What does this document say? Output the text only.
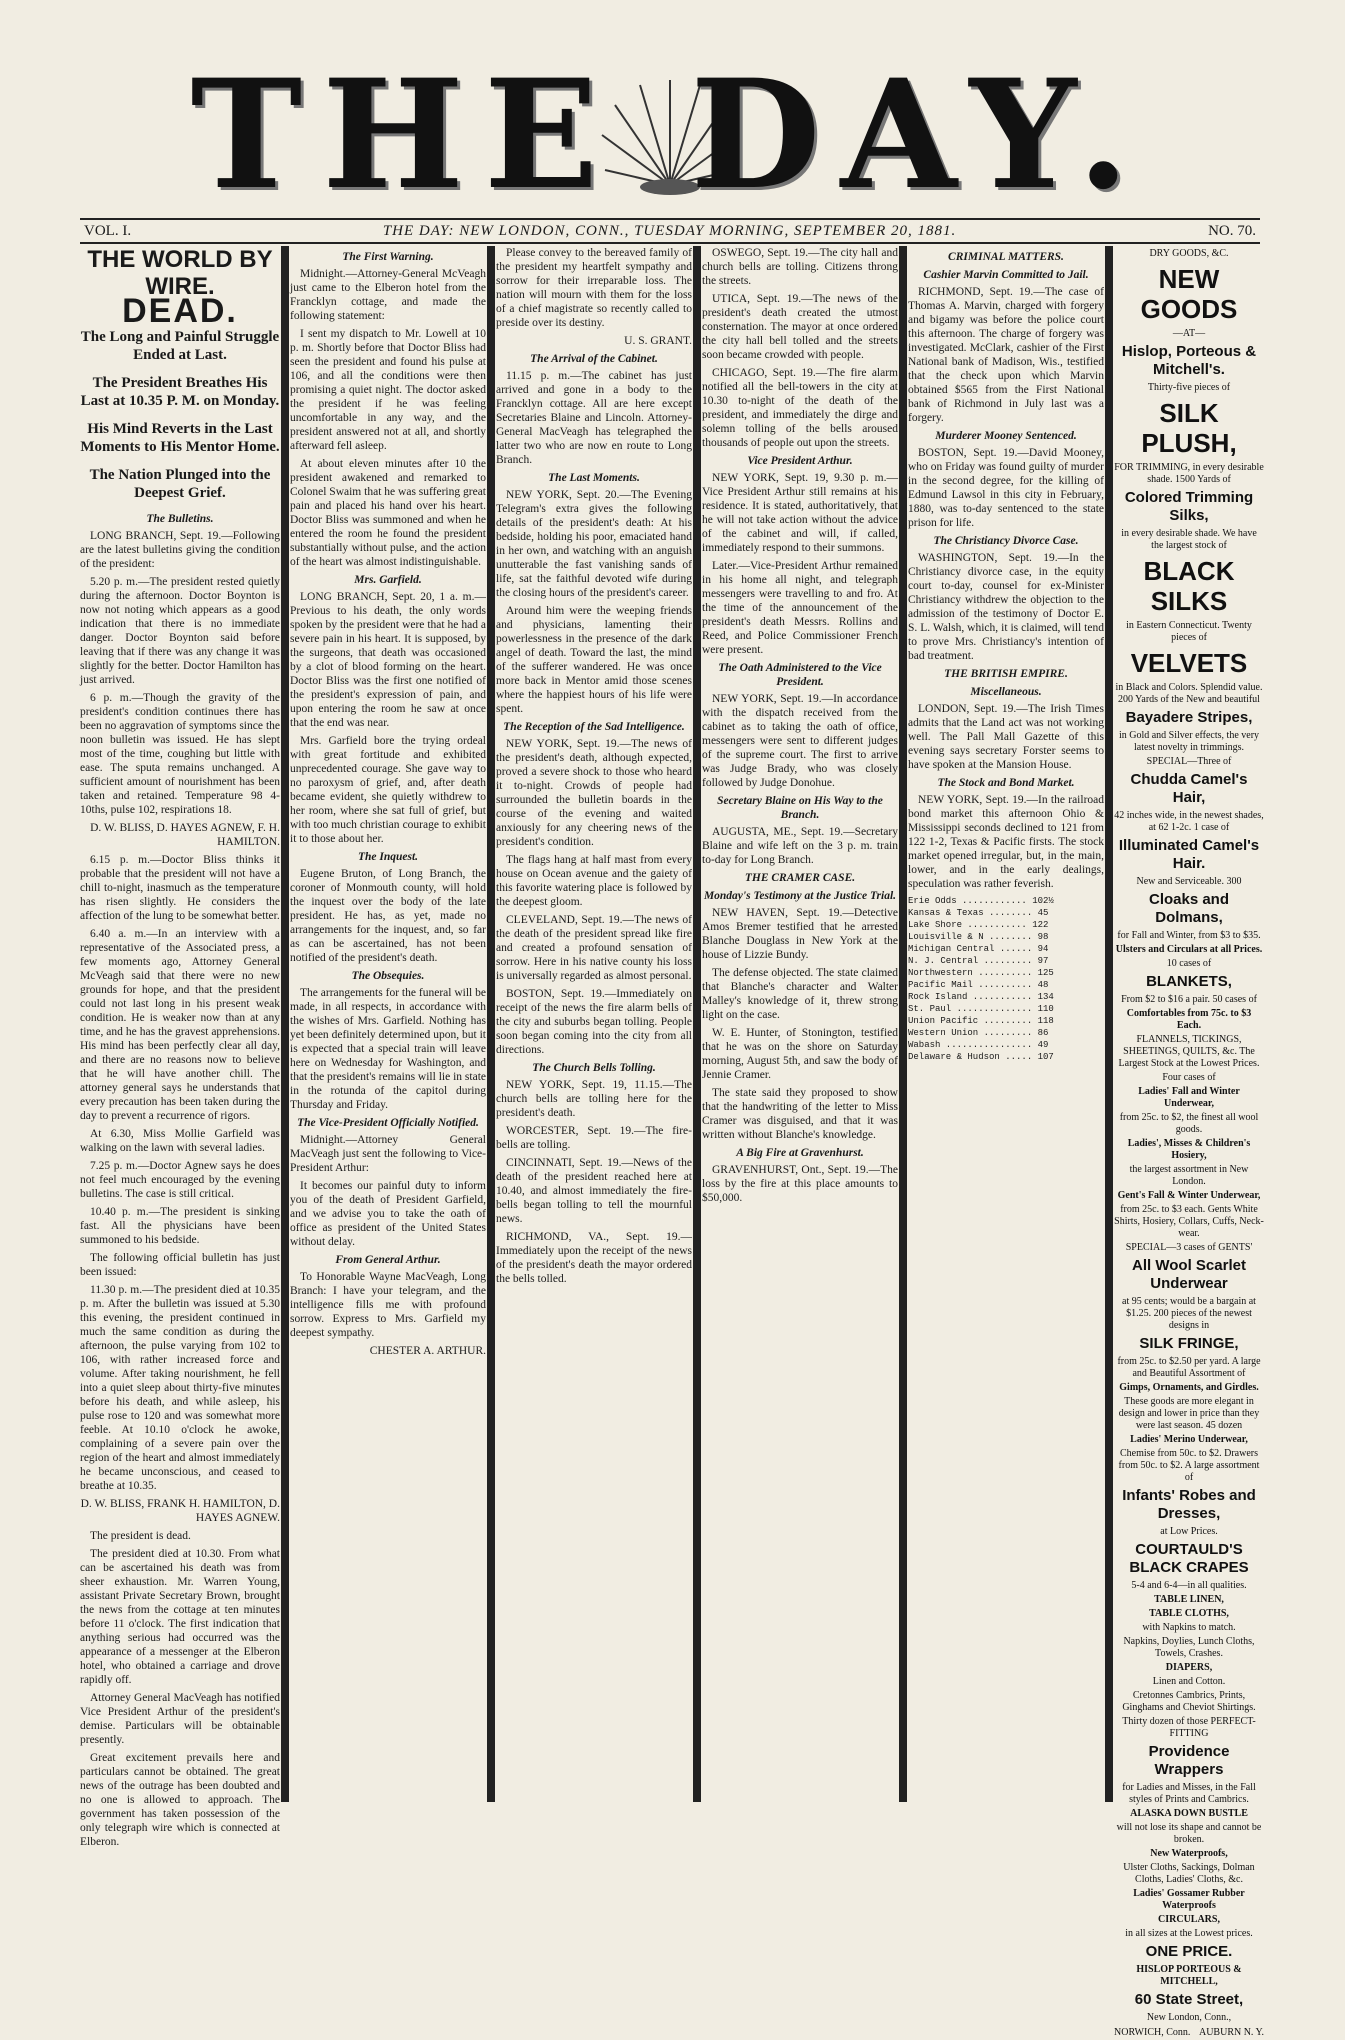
THE DAY.
VOL. I.	THE DAY: NEW LONDON, CONN., TUESDAY MORNING, SEPTEMBER 20, 1881.	NO. 70.
THE WORLD BY WIRE.
DEAD.
The Long and Painful Struggle Ended at Last.
The President Breathes His Last at 10.35 P. M. on Monday.
His Mind Reverts in the Last Moments to His Mentor Home.
The Nation Plunged into the Deepest Grief.
The Bulletins.

LONG BRANCH, Sept. 19.—Following are the latest bulletins giving the condition of the president:

5.20 p. m.—The president rested quietly during the afternoon. Doctor Boynton is now not noting which appears as a good indication that there is no immediate danger. Doctor Boynton said before leaving that if there was any change it was slightly for the better. Doctor Hamilton has just arrived.

6 p. m.—Though the gravity of the president's condition continues there has been no aggravation of symptoms since the noon bulletin was issued. He has slept most of the time, coughing but little with ease. The sputa remains unchanged. A sufficient amount of nourishment has been taken and retained. Temperature 98 4-10ths, pulse 102, respirations 18.

D. W. BLISS, D. HAYES AGNEW, F. H. HAMILTON.

6.15 p. m.—Doctor Bliss thinks it probable that the president will not have a chill to-night, inasmuch as the temperature has risen slightly. He considers the affection of the lung to be somewhat better.

6.40 a. m.—In an interview with a representative of the Associated press, a few moments ago, Attorney General McVeagh said that there were no new grounds for hope, and that the president could not last long in his present weak condition. He is weaker now than at any time, and he has the gravest apprehensions. His mind has been perfectly clear all day, and there are no reasons now to believe that he will have another chill. The attorney general says he understands that every precaution has been taken during the day to prevent a recurrence of rigors.

At 6.30, Miss Mollie Garfield was walking on the lawn with several ladies.

7.25 p. m.—Doctor Agnew says he does not feel much encouraged by the evening bulletins. The case is still critical.

10.40 p. m.—The president is sinking fast. All the physicians have been summoned to his bedside.

The following official bulletin has just been issued:

11.30 p. m.—The president died at 10.35 p. m. After the bulletin was issued at 5.30 this evening, the president continued in much the same condition as during the afternoon, the pulse varying from 102 to 106, with rather increased force and volume. After taking nourishment, he fell into a quiet sleep about thirty-five minutes before his death, and while asleep, his pulse rose to 120 and was somewhat more feeble. At 10.10 o'clock he awoke, complaining of a severe pain over the region of the heart and almost immediately he became unconscious, and ceased to breathe at 10.35.

D. W. BLISS, FRANK H. HAMILTON, D. HAYES AGNEW.

The president is dead.

The president died at 10.30. From what can be ascertained his death was from sheer exhaustion. Mr. Warren Young, assistant Private Secretary Brown, brought the news from the cottage at ten minutes before 11 o'clock. The first indication that anything serious had occurred was the appearance of a messenger at the Elberon hotel, who obtained a carriage and drove rapidly off.

Attorney General MacVeagh has notified Vice President Arthur of the president's demise. Particulars will be obtainable presently.

Great excitement prevails here and particulars cannot be obtained. The great news of the outrage has been doubted and no one is allowed to approach. The government has taken possession of the only telegraph wire which is connected at Elberon.

The First Warning.

Midnight.—Attorney-General McVeagh just came to the Elberon hotel from the Francklyn cottage, and made the following statement:

I sent my dispatch to Mr. Lowell at 10 p. m. Shortly before that Doctor Bliss had seen the president and found his pulse at 106, and all the conditions were then promising a quiet night. The doctor asked the president if he was feeling uncomfortable in any way, and the president answered not at all, and shortly afterward fell asleep.

At about eleven minutes after 10 the president awakened and remarked to Colonel Swaim that he was suffering great pain and placed his hand over his heart. Doctor Bliss was summoned and when he entered the room he found the president substantially without pulse, and the action of the heart was almost indistinguishable.

Mrs. Garfield.

LONG BRANCH, Sept. 20, 1 a. m.—Previous to his death, the only words spoken by the president were that he had a severe pain in his heart. It is supposed, by the surgeons, that death was occasioned by a clot of blood forming on the heart. Doctor Bliss was the first one notified of the president's expression of pain, and upon entering the room he saw at once that the end was near.

Mrs. Garfield bore the trying ordeal with great fortitude and exhibited unprecedented courage. She gave way to no paroxysm of grief, and, after death became evident, she quietly withdrew to her room, where she sat full of grief, but with too much christian courage to exhibit it to those about her.

The Inquest.

Eugene Bruton, of Long Branch, the coroner of Monmouth county, will hold the inquest over the body of the late president. He has, as yet, made no arrangements for the inquest, and, so far as can be ascertained, has not been notified of the president's death.

The Obsequies.

The arrangements for the funeral will be made, in all respects, in accordance with the wishes of Mrs. Garfield. Nothing has yet been definitely determined upon, but it is expected that a special train will leave here on Wednesday for Washington, and that the president's remains will lie in state in the rotunda of the capitol during Thursday and Friday.

The Vice-President Officially Notified.

Midnight.—Attorney General MacVeagh just sent the following to Vice-President Arthur:

It becomes our painful duty to inform you of the death of President Garfield, and we advise you to take the oath of office as president of the United States without delay.

From General Arthur.

To Honorable Wayne MacVeagh, Long Branch: I have your telegram, and the intelligence fills me with profound sorrow. Express to Mrs. Garfield my deepest sympathy.

CHESTER A. ARTHUR.

Please convey to the bereaved family of the president my heartfelt sympathy and sorrow for their irreparable loss. The nation will mourn with them for the loss of a chief magistrate so recently called to preside over its destiny.

U. S. GRANT.
The Arrival of the Cabinet.

11.15 p. m.—The cabinet has just arrived and gone in a body to the Francklyn cottage. All are here except Secretaries Blaine and Lincoln. Attorney-General MacVeagh has telegraphed the latter two who are now en route to Long Branch.

The Last Moments.

NEW YORK, Sept. 20.—The Evening Telegram's extra gives the following details of the president's death: At his bedside, holding his poor, emaciated hand in her own, and watching with an anguish unutterable the fast vanishing sands of life, sat the faithful devoted wife during the closing hours of the president's career.

Around him were the weeping friends and physicians, lamenting their powerlessness in the presence of the dark angel of death. Toward the last, the mind of the sufferer wandered. He was once more back in Mentor amid those scenes where the happiest hours of his life were spent.

The Reception of the Sad Intelligence.

NEW YORK, Sept. 19.—The news of the president's death, although expected, proved a severe shock to those who heard it to-night. Crowds of people had surrounded the bulletin boards in the course of the evening and waited anxiously for any cheering news of the president's condition.

The flags hang at half mast from every house on Ocean avenue and the gaiety of this favorite watering place is followed by the deepest gloom.

CLEVELAND, Sept. 19.—The news of the death of the president spread like fire and created a profound sensation of sorrow. Here in his native county his loss is universally regarded as almost personal.

BOSTON, Sept. 19.—Immediately on receipt of the news the fire alarm bells of the city and suburbs began tolling. People soon began coming into the city from all directions.

The Church Bells Tolling.

NEW YORK, Sept. 19, 11.15.—The church bells are tolling here for the president's death.

WORCESTER, Sept. 19.—The fire-bells are tolling.

CINCINNATI, Sept. 19.—News of the death of the president reached here at 10.40, and almost immediately the fire-bells began tolling to tell the mournful news.

RICHMOND, VA., Sept. 19.—Immediately upon the receipt of the news of the president's death the mayor ordered the bells tolled.

OSWEGO, Sept. 19.—The city hall and church bells are tolling. Citizens throng the streets.

UTICA, Sept. 19.—The news of the president's death created the utmost consternation. The mayor at once ordered the city hall bell tolled and the streets soon became crowded with people.

CHICAGO, Sept. 19.—The fire alarm notified all the bell-towers in the city at 10.30 to-night of the death of the president, and immediately the dirge and solemn tolling of the bells aroused thousands of people out upon the streets.

Vice President Arthur.

NEW YORK, Sept. 19, 9.30 p. m.—Vice President Arthur still remains at his residence. It is stated, authoritatively, that he will not take action without the advice of the cabinet and will, if called, immediately respond to their summons.

Later.—Vice-President Arthur remained in his home all night, and telegraph messengers were travelling to and fro. At the time of the announcement of the president's death Messrs. Rollins and Reed, and Police Commissioner French were present.

The Oath Administered to the Vice President.

NEW YORK, Sept. 19.—In accordance with the dispatch received from the cabinet as to taking the oath of office, messengers were sent to different judges of the supreme court. The first to arrive was Judge Brady, who was closely followed by Judge Donohue.

Secretary Blaine on His Way to the Branch.

AUGUSTA, ME., Sept. 19.—Secretary Blaine and wife left on the 3 p. m. train to-day for Long Branch.

THE CRAMER CASE.
Monday's Testimony at the Justice Trial.

NEW HAVEN, Sept. 19.—Detective Amos Bremer testified that he arrested Blanche Douglass in New York at the house of Lizzie Bundy.

The defense objected. The state claimed that Blanche's character and Walter Malley's knowledge of it, threw strong light on the case.

W. E. Hunter, of Stonington, testified that he was on the shore on Saturday morning, August 5th, and saw the body of Jennie Cramer.

The state said they proposed to show that the handwriting of the letter to Miss Cramer was disguised, and that it was written without Blanche's knowledge.

A Big Fire at Gravenhurst.

GRAVENHURST, Ont., Sept. 19.—The loss by the fire at this place amounts to $50,000.

CRIMINAL MATTERS.
Cashier Marvin Committed to Jail.

RICHMOND, Sept. 19.—The case of Thomas A. Marvin, charged with forgery and bigamy was before the police court this afternoon. The charge of forgery was investigated. McClark, cashier of the First National bank of Madison, Wis., testified that the check upon which Marvin obtained $565 from the First National bank of Richmond in July last was a forgery.

Murderer Mooney Sentenced.

BOSTON, Sept. 19.—David Mooney, who on Friday was found guilty of murder in the second degree, for the killing of Edmund Lawsol in this city in February, 1880, was to-day sentenced to the state prison for life.

The Christiancy Divorce Case.

WASHINGTON, Sept. 19.—In the Christiancy divorce case, in the equity court to-day, counsel for ex-Minister Christiancy withdrew the objection to the admission of the testimony of Doctor E. S. L. Walsh, which, it is claimed, will tend to prove Mrs. Christiancy's intention of bad treatment.

THE BRITISH EMPIRE.
Miscellaneous.

LONDON, Sept. 19.—The Irish Times admits that the Land act was not working well. The Pall Mall Gazette of this evening says secretary Forster seems to have spoken at the Mansion House.

The Stock and Bond Market.

NEW YORK, Sept. 19.—In the railroad bond market this afternoon Ohio & Mississippi seconds declined to 121 from 122 1-2, Texas & Pacific firsts. The stock market opened irregular, but, in the main, lower, and in the early dealings, speculation was rather feverish.

Erie Odds ............ 102½
Kansas & Texas ........ 45
Lake Shore ........... 122
Louisville & N ........ 98
Michigan Central ...... 94
N. J. Central ......... 97
Northwestern .......... 125
Pacific Mail .......... 48
Rock Island ........... 134
St. Paul .............. 110
Union Pacific ......... 118
Western Union ......... 86
Wabash ................ 49
Delaware & Hudson ..... 107
DRY GOODS, &C.
NEW GOODS
—AT—
Hislop, Porteous & Mitchell's.
Thirty-five pieces of
SILK PLUSH,
FOR TRIMMING, in every desirable shade. 1500 Yards of
Colored Trimming Silks,
in every desirable shade. We have the largest stock of
BLACK SILKS
in Eastern Connecticut. Twenty pieces of
VELVETS
in Black and Colors. Splendid value. 200 Yards of the New and beautiful
Bayadere Stripes,
in Gold and Silver effects, the very latest novelty in trimmings.
SPECIAL—Three of
Chudda Camel's Hair,
42 inches wide, in the newest shades, at 62 1-2c. 1 case of
Illuminated Camel's Hair.
New and Serviceable. 300
Cloaks and Dolmans,
for Fall and Winter, from $3 to $35.
Ulsters and Circulars at all Prices.
10 cases of
BLANKETS,
From $2 to $16 a pair. 50 cases of
Comfortables from 75c. to $3 Each.
FLANNELS, TICKINGS, SHEETINGS, QUILTS, &c. The Largest Stock at the Lowest Prices.
Four cases of
Ladies' Fall and Winter Underwear,
from 25c. to $2, the finest all wool goods.
Ladies', Misses & Children's Hosiery,
the largest assortment in New London.
Gent's Fall & Winter Underwear,
from 25c. to $3 each. Gents White Shirts, Hosiery, Collars, Cuffs, Neck-wear.
SPECIAL—3 cases of GENTS'
All Wool Scarlet Underwear
at 95 cents; would be a bargain at $1.25. 200 pieces of the newest designs in
SILK FRINGE,
from 25c. to $2.50 per yard. A large and Beautiful Assortment of
Gimps, Ornaments, and Girdles.
These goods are more elegant in design and lower in price than they were last season. 45 dozen
Ladies' Merino Underwear,
Chemise from 50c. to $2. Drawers from 50c. to $2. A large assortment of
Infants' Robes and Dresses,
at Low Prices.
COURTAULD'S BLACK CRAPES
5-4 and 6-4—in all qualities.
TABLE LINEN,
TABLE CLOTHS,
with Napkins to match.
Napkins, Doylies, Lunch Cloths, Towels, Crashes.
DIAPERS,
Linen and Cotton.
Cretonnes Cambrics, Prints, Ginghams and Cheviot Shirtings.
Thirty dozen of those PERFECT-FITTING
Providence Wrappers
for Ladies and Misses, in the Fall styles of Prints and Cambrics.
ALASKA DOWN BUSTLE
will not lose its shape and cannot be broken.
New Waterproofs,
Ulster Cloths, Sackings, Dolman Cloths, Ladies' Cloths, &c.
Ladies' Gossamer Rubber Waterproofs
CIRCULARS,
in all sizes at the Lowest prices.
ONE PRICE.
HISLOP PORTEOUS & MITCHELL,
60 State Street,
New London, Conn.,
NORWICH, Conn. AUBURN N. Y.
